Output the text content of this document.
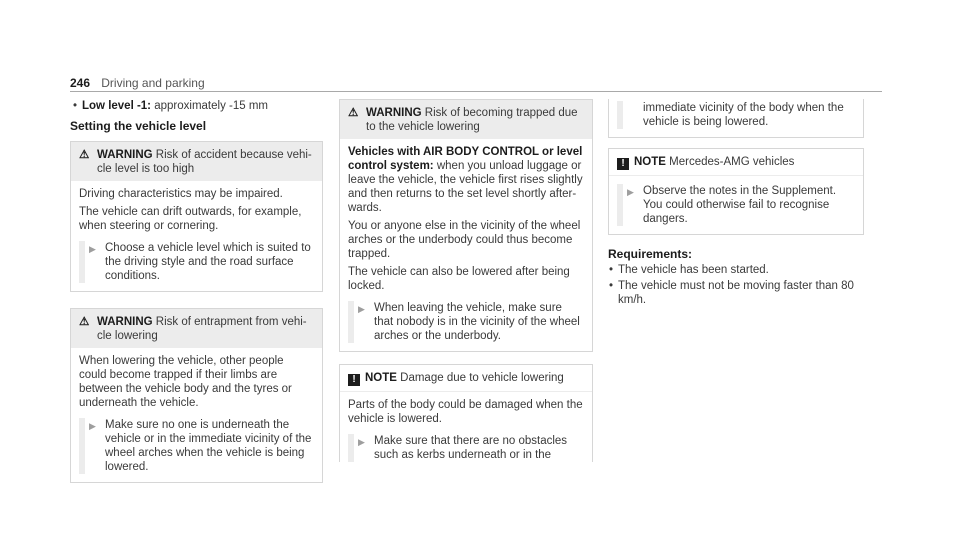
246 Driving and parking
• Low level -1: approximately -15 mm
Setting the vehicle level
⚠ WARNING Risk of accident because vehi-
cle level is too high

Driving characteristics may be impaired.

The vehicle can drift outwards, for example, when steering or cornering.

▶ Choose a vehicle level which is suited to the driving style and the road surface conditions.
⚠ WARNING Risk of entrapment from vehi-
cle lowering

When lowering the vehicle, other people could become trapped if their limbs are between the vehicle body and the tyres or underneath the vehicle.

▶ Make sure no one is underneath the vehicle or in the immediate vicinity of the wheel arches when the vehicle is being lowered.
⚠ WARNING Risk of becoming trapped due
to the vehicle lowering

Vehicles with AIR BODY CONTROL or level control system: when you unload luggage or leave the vehicle, the vehicle first rises slightly and then returns to the set level shortly after-wards.

You or anyone else in the vicinity of the wheel arches or the underbody could thus become trapped.

The vehicle can also be lowered after being locked.

▶ When leaving the vehicle, make sure that nobody is in the vicinity of the wheel arches or the underbody.
! NOTE Damage due to vehicle lowering

Parts of the body could be damaged when the vehicle is lowered.

▶ Make sure that there are no obstacles such as kerbs underneath or in the
immediate vicinity of the body when the vehicle is being lowered.
! NOTE Mercedes-AMG vehicles
▶ Observe the notes in the Supplement. You could otherwise fail to recognise dangers.
Requirements:
• The vehicle has been started.
• The vehicle must not be moving faster than 80 km/h.
